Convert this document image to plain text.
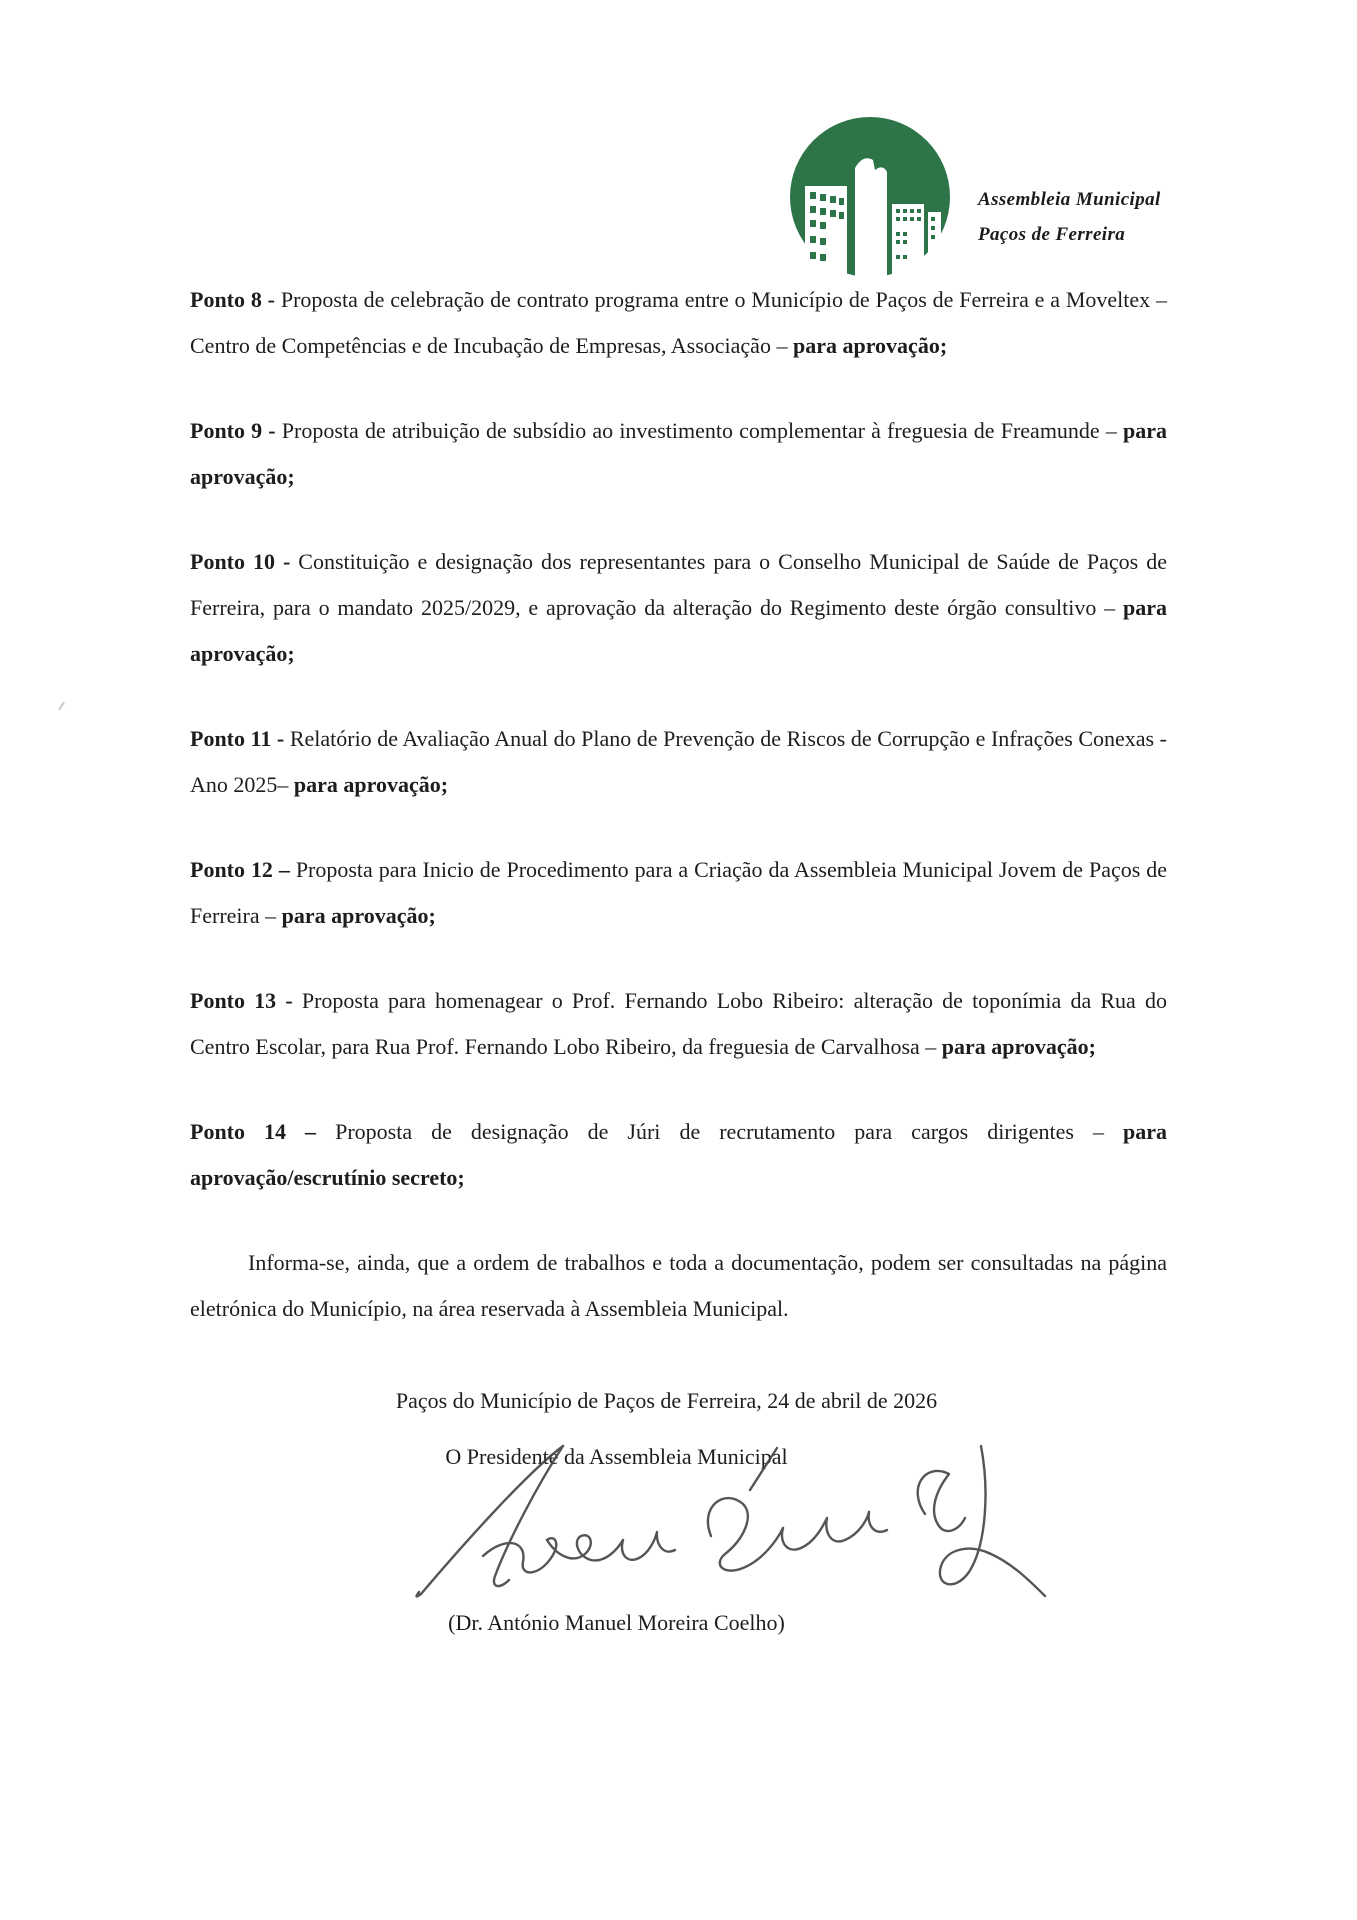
Assembleia Municipal
Paços de Ferreira

Ponto 8 - Proposta de celebração de contrato programa entre o Município de Paços de Ferreira e a Moveltex – Centro de Competências e de Incubação de Empresas, Associação – para aprovação;

Ponto 9 - Proposta de atribuição de subsídio ao investimento complementar à freguesia de Freamunde – para aprovação;

Ponto 10 - Constituição e designação dos representantes para o Conselho Municipal de Saúde de Paços de Ferreira, para o mandato 2025/2029, e aprovação da alteração do Regimento deste órgão consultivo – para aprovação;

Ponto 11 - Relatório de Avaliação Anual do Plano de Prevenção de Riscos de Corrupção e Infrações Conexas - Ano 2025– para aprovação;

Ponto 12 – Proposta para Inicio de Procedimento para a Criação da Assembleia Municipal Jovem de Paços de Ferreira – para aprovação;

Ponto 13 - Proposta para homenagear o Prof. Fernando Lobo Ribeiro: alteração de toponímia da Rua do Centro Escolar, para Rua Prof. Fernando Lobo Ribeiro, da freguesia de Carvalhosa – para aprovação;

Ponto 14 – Proposta de designação de Júri de recrutamento para cargos dirigentes – para aprovação/escrutínio secreto;

Informa-se, ainda, que a ordem de trabalhos e toda a documentação, podem ser consultadas na página eletrónica do Município, na área reservada à Assembleia Municipal.

Paços do Município de Paços de Ferreira, 24 de abril de 2026

O Presidente da Assembleia Municipal

(Dr. António Manuel Moreira Coelho)
